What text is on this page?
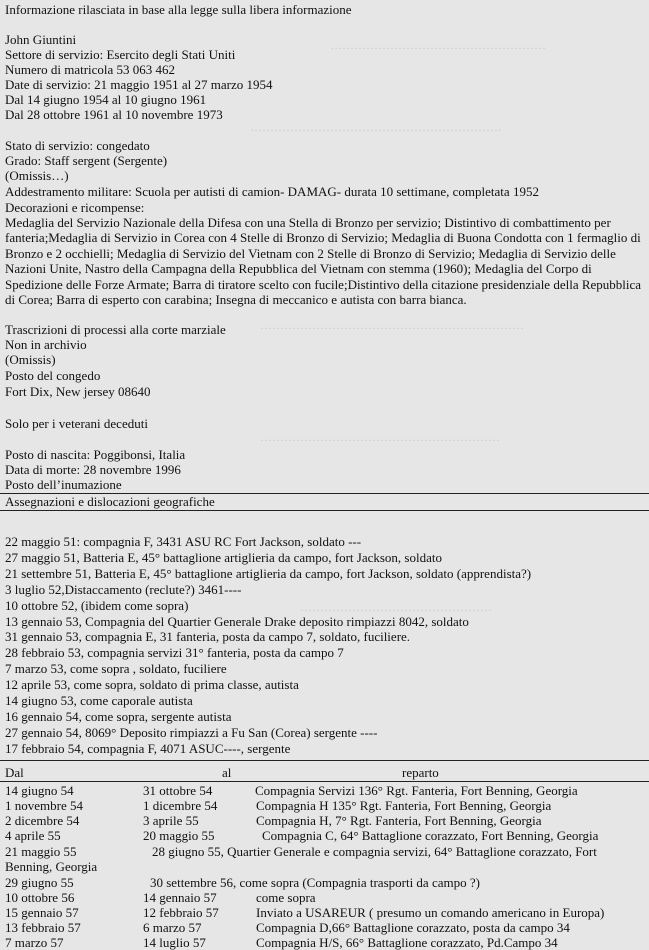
………………………………………………
………………………………………………………
…………………………………………………………
……………………………………………………
…………………………………………
Informazione rilasciata in base alla legge sulla libera informazione
John Giuntini
Settore di servizio: Esercito degli Stati Uniti
Numero di matricola 53 063 462
Date di servizio: 21 maggio 1951 al 27 marzo 1954
Dal 14 giugno 1954 al 10 giugno 1961
Dal 28 ottobre 1961 al 10 novembre 1973
Stato di servizio: congedato
Grado: Staff sergent (Sergente)
(Omissis…)
Addestramento militare: Scuola per autisti di camion- DAMAG- durata 10 settimane, completata 1952
Decorazioni e ricompense:
Medaglia del Servizio Nazionale della Difesa con una Stella di Bronzo per servizio; Distintivo di combattimento per fanteria;Medaglia di Servizio in Corea con 4 Stelle di Bronzo di Servizio; Medaglia di Buona Condotta con 1 fermaglio di Bronzo e 2 occhielli; Medaglia di Servizio del Vietnam con 2 Stelle di Bronzo di Servizio; Medaglia di Servizio delle Nazioni Unite, Nastro della Campagna della Repubblica del Vietnam con stemma (1960); Medaglia del Corpo di Spedizione delle Forze Armate; Barra di tiratore scelto con fucile;Distintivo della citazione presidenziale della Repubblica di Corea; Barra di esperto con carabina; Insegna di meccanico e autista con barra bianca.
Trascrizioni di processi alla corte marziale
Non in archivio
(Omissis)
Posto del congedo
Fort Dix, New jersey 08640
Solo per i veterani deceduti
Posto di nascita: Poggibonsi, Italia
Data di morte: 28 novembre 1996
Posto dell’inumazione
Assegnazioni e dislocazioni geografiche
22 maggio 51: compagnia F, 3431 ASU RC Fort Jackson, soldato ---
27 maggio 51, Batteria E, 45° battaglione artiglieria da campo, fort Jackson, soldato
21 settembre 51, Batteria E, 45° battaglione artiglieria da campo, fort Jackson, soldato (apprendista?)
3 luglio 52,Distaccamento (reclute?) 3461----
10 ottobre 52, (ibidem come sopra)
13 gennaio 53, Compagnia del Quartier Generale Drake deposito rimpiazzi 8042, soldato
31 gennaio 53, compagnia E, 31 fanteria, posta da campo 7, soldato, fuciliere.
28 febbraio 53, compagnia servizi 31° fanteria, posta da campo 7
7 marzo 53, come sopra , soldato, fuciliere
12 aprile 53, come sopra, soldato di prima classe, autista
14 giugno 53, come caporale autista
16 gennaio 54, come sopra, sergente autista
27 gennaio 54, 8069° Deposito rimpiazzi a Fu San (Corea) sergente ----
17 febbraio 54, compagnia F, 4071 ASUC----, sergente
Dal	al	reparto
14 giugno 54	31 ottobre 54	Compagnia Servizi 136° Rgt. Fanteria, Fort Benning, Georgia
1 novembre 54	1 dicembre 54	Compagnia H 135° Rgt. Fanteria, Fort Benning, Georgia
2 dicembre 54	3 aprile 55	Compagnia H, 7° Rgt. Fanteria, Fort Benning, Georgia
4 aprile 55	20 maggio 55	Compagnia C, 64° Battaglione corazzato, Fort Benning, Georgia
21 maggio 55	28 giugno 55, Quartier Generale e compagnia servizi, 64° Battaglione corazzato, Fort
Benning, Georgia
29 giugno 55	30 settembre 56, come sopra (Compagnia trasporti da campo ?)
10 ottobre 56	14 gennaio 57	come sopra
15 gennaio 57	12 febbraio 57	Inviato a USAREUR ( presumo un comando americano in Europa)
13 febbraio 57	6 marzo 57	Compagnia D,66° Battaglione corazzato, posta da campo 34
7 marzo 57	14 luglio 57	Compagnia H/S, 66° Battaglione corazzato, Pd.Campo 34
